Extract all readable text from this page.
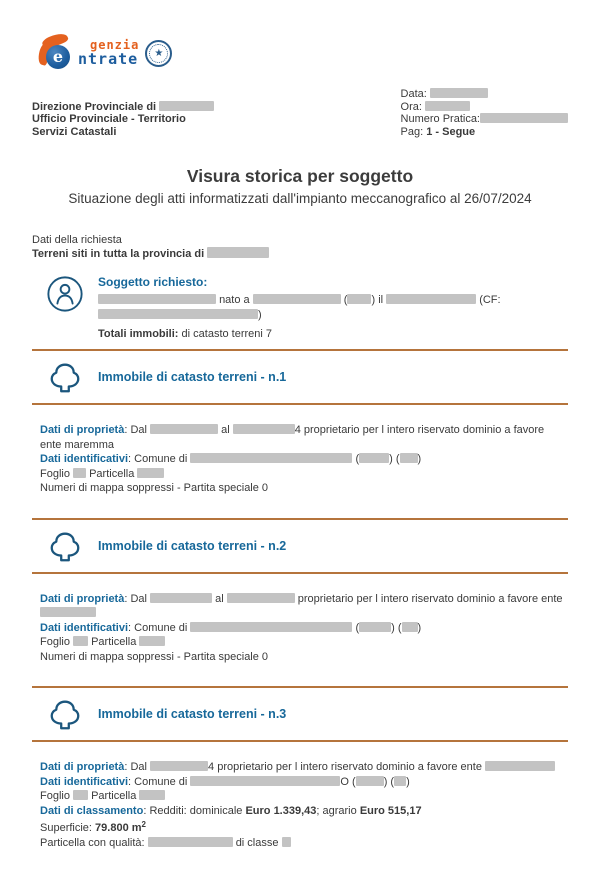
e
genzia
ntrate	★
Direzione Provinciale di
Ufficio Provinciale - Territorio
Servizi Catastali
Data:
Ora:
Numero Pratica:
Pag: 1 - Segue
Visura storica per soggetto
Situazione degli atti informatizzati dall'impianto meccanografico al 26/07/2024
Dati della richiesta
Terreni siti in tutta la provincia di
Soggetto richiesto:
nato a	( ) il	(CF: )
Totali immobili: di catasto terreni 7
Immobile di catasto terreni - n.1
Dati di proprietà: Dal	al	4 proprietario per l intero riservato dominio a favore ente maremma
Dati identificativi: Comune di	(	) ( )
Foglio Particella
Numeri di mappa soppressi - Partita speciale 0
Immobile di catasto terreni - n.2
Dati di proprietà: Dal	al	proprietario per l intero riservato dominio a favore ente

Dati identificativi: Comune di	(	) ( )
Foglio Particella
Numeri di mappa soppressi - Partita speciale 0
Immobile di catasto terreni - n.3
Dati di proprietà: Dal	4 proprietario per l intero riservato dominio a favore ente
Dati identificativi: Comune di	O (	) ( )
Foglio Particella
Dati di classamento: Redditi: dominicale Euro 1.339,43; agrario Euro 515,17
Superficie: 79.800 $m^2$
Particella con qualità:	di classe
